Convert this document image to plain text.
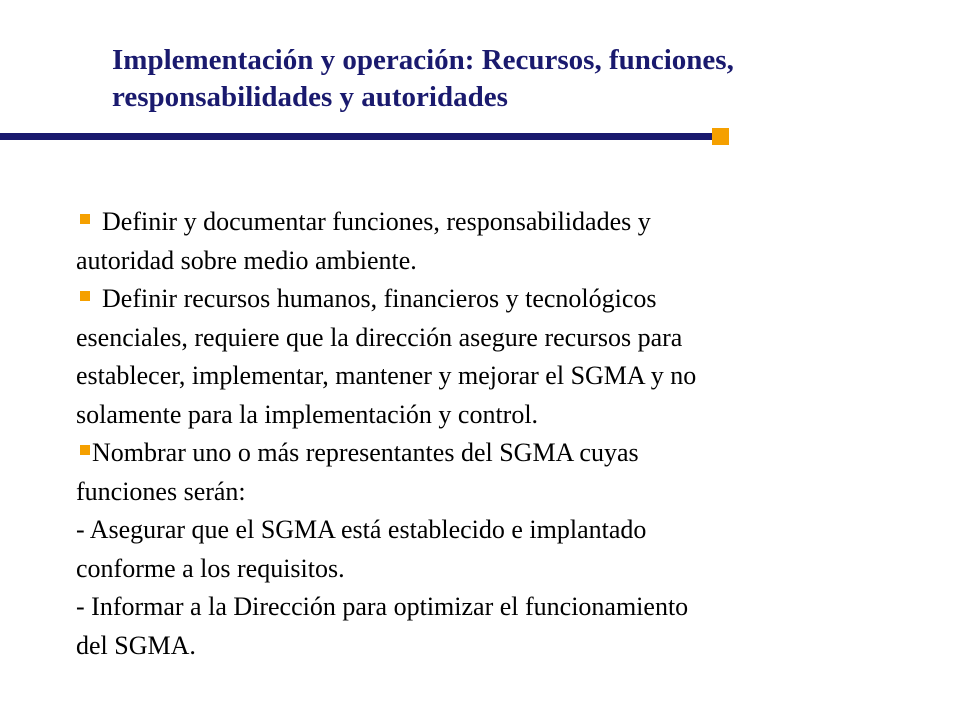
Implementación y operación: Recursos, funciones,
responsabilidades y autoridades
Definir y documentar funciones, responsabilidades y
autoridad sobre medio ambiente.
Definir recursos humanos, financieros y tecnológicos
esenciales, requiere que la dirección asegure recursos para
establecer, implementar, mantener y mejorar el SGMA y no
solamente para la implementación y control.
Nombrar uno o más representantes del SGMA cuyas
funciones serán:
- Asegurar que el SGMA está establecido e implantado
conforme a los requisitos.
- Informar a la Dirección para optimizar el funcionamiento
del SGMA.
